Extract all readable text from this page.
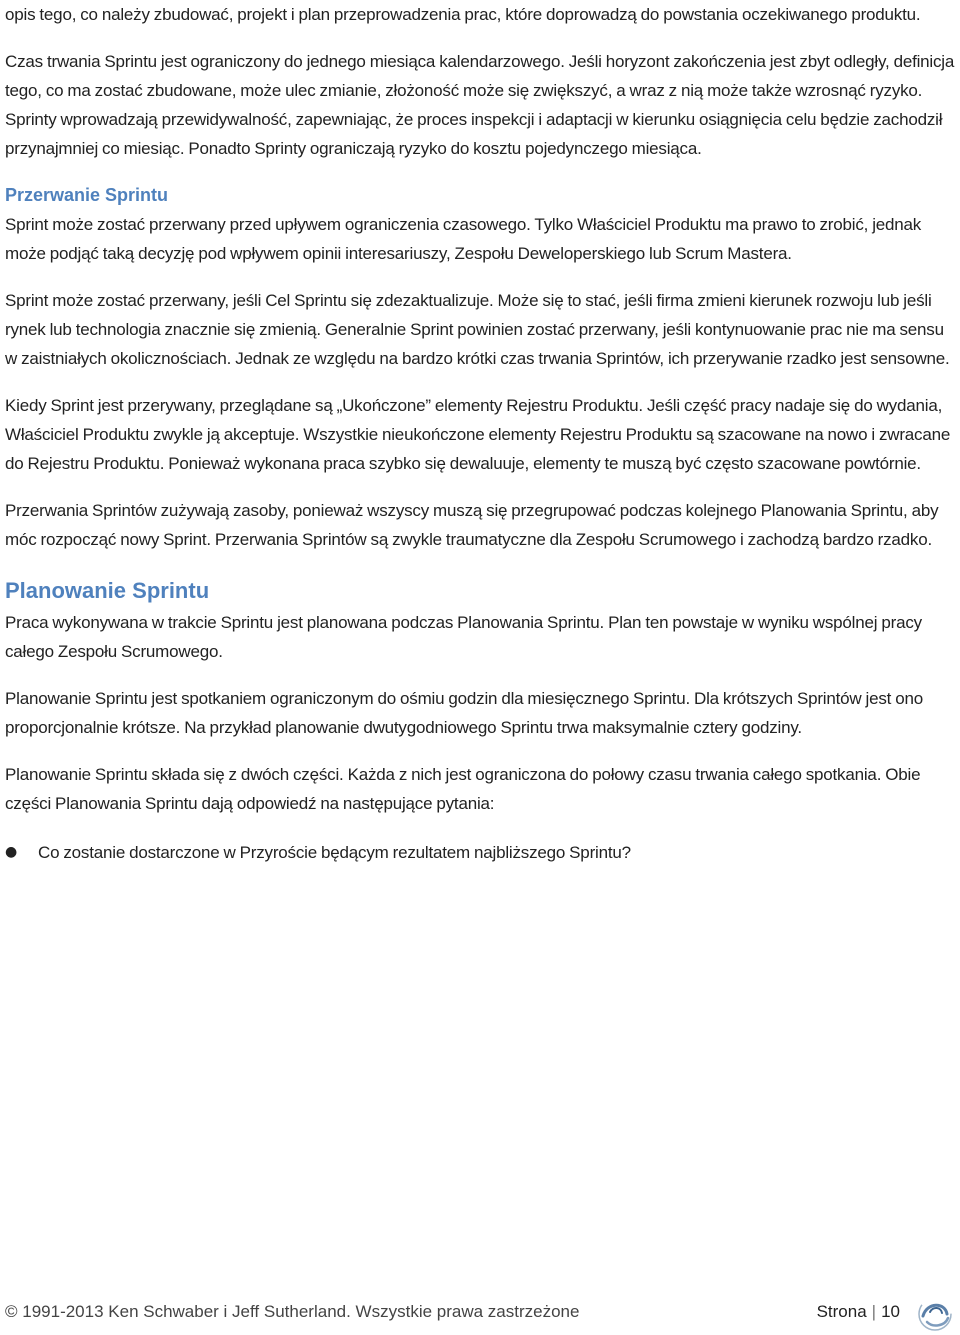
opis tego, co należy zbudować, projekt i plan przeprowadzenia prac, które doprowadzą do powstania oczekiwanego produktu.

Czas trwania Sprintu jest ograniczony do jednego miesiąca kalendarzowego. Jeśli horyzont zakończenia jest zbyt odległy, definicja tego, co ma zostać zbudowane, może ulec zmianie, złożoność może się zwiększyć, a wraz z nią może także wzrosnąć ryzyko. Sprinty wprowadzają przewidywalność, zapewniając, że proces inspekcji i adaptacji w kierunku osiągnięcia celu będzie zachodził przynajmniej co miesiąc. Ponadto Sprinty ograniczają ryzyko do kosztu pojedynczego miesiąca.

Przerwanie Sprintu

Sprint może zostać przerwany przed upływem ograniczenia czasowego. Tylko Właściciel Produktu ma prawo to zrobić, jednak może podjąć taką decyzję pod wpływem opinii interesariuszy, Zespołu Deweloperskiego lub Scrum Mastera.

Sprint może zostać przerwany, jeśli Cel Sprintu się zdezaktualizuje. Może się to stać, jeśli firma zmieni kierunek rozwoju lub jeśli rynek lub technologia znacznie się zmienią. Generalnie Sprint powinien zostać przerwany, jeśli kontynuowanie prac nie ma sensu w zaistniałych okolicznościach. Jednak ze względu na bardzo krótki czas trwania Sprintów, ich przerywanie rzadko jest sensowne.

Kiedy Sprint jest przerywany, przeglądane są „Ukończone” elementy Rejestru Produktu. Jeśli część pracy nadaje się do wydania, Właściciel Produktu zwykle ją akceptuje. Wszystkie nieukończone elementy Rejestru Produktu są szacowane na nowo i zwracane do Rejestru Produktu. Ponieważ wykonana praca szybko się dewaluuje, elementy te muszą być często szacowane powtórnie.

Przerwania Sprintów zużywają zasoby, ponieważ wszyscy muszą się przegrupować podczas kolejnego Planowania Sprintu, aby móc rozpocząć nowy Sprint. Przerwania Sprintów są zwykle traumatyczne dla Zespołu Scrumowego i zachodzą bardzo rzadko.

Planowanie Sprintu

Praca wykonywana w trakcie Sprintu jest planowana podczas Planowania Sprintu. Plan ten powstaje w wyniku wspólnej pracy całego Zespołu Scrumowego.

Planowanie Sprintu jest spotkaniem ograniczonym do ośmiu godzin dla miesięcznego Sprintu. Dla krótszych Sprintów jest ono proporcjonalnie krótsze. Na przykład planowanie dwutygodniowego Sprintu trwa maksymalnie cztery godziny.

Planowanie Sprintu składa się z dwóch części. Każda z nich jest ograniczona do połowy czasu trwania całego spotkania. Obie części Planowania Sprintu dają odpowiedź na następujące pytania:

●	Co zostanie dostarczone w Przyroście będącym rezultatem najbliższego Sprintu?

© 1991-2013 Ken Schwaber i Jeff Sutherland. Wszystkie prawa zastrzeżone	Strona | 10
